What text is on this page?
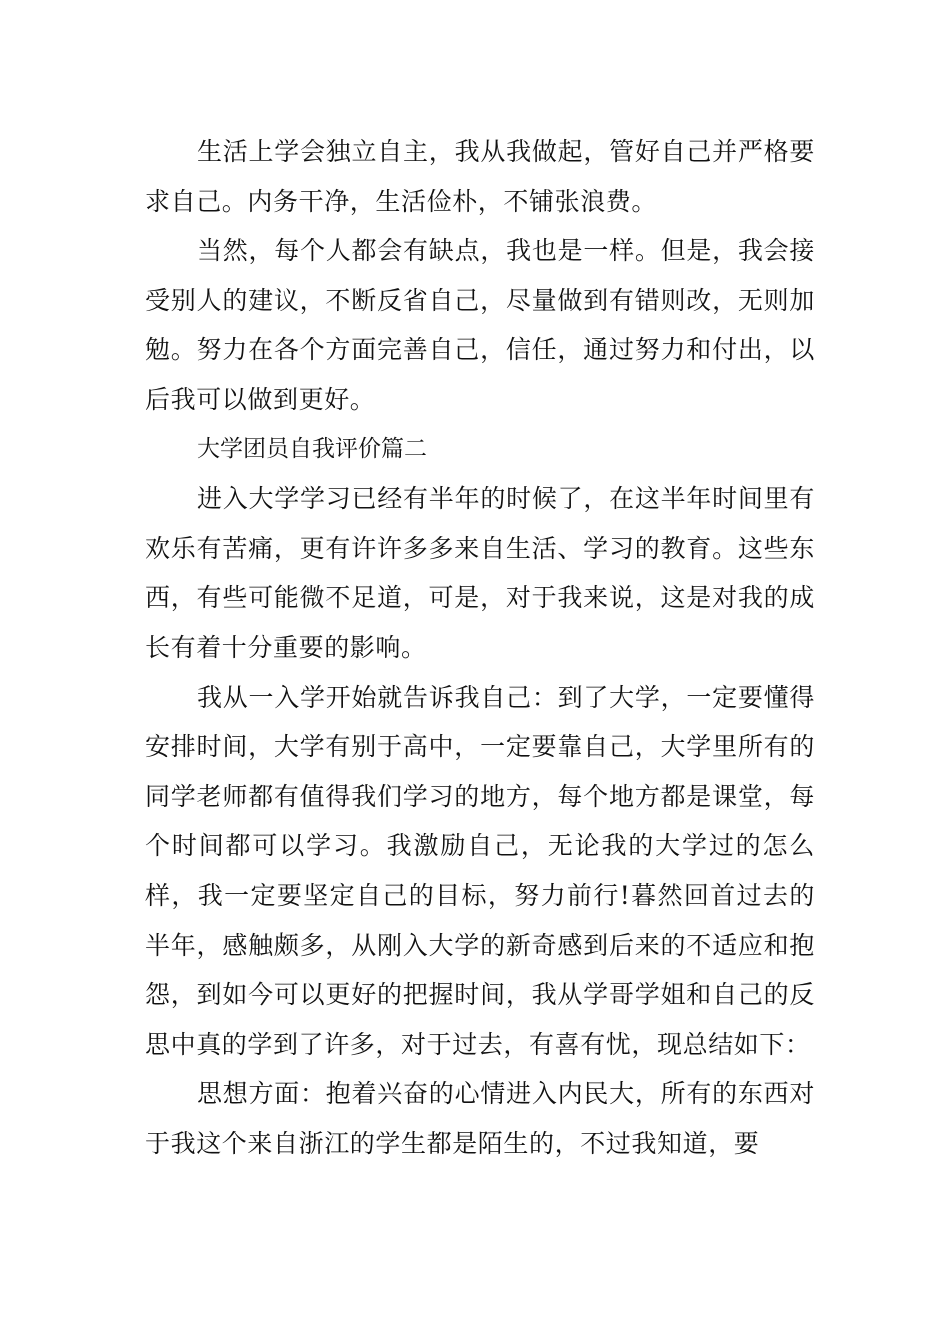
生活上学会独立自主，我从我做起，管好自己并严格要求自己。内务干净，生活俭朴，不铺张浪费。

当然，每个人都会有缺点，我也是一样。但是，我会接受别人的建议，不断反省自己，尽量做到有错则改，无则加勉。努力在各个方面完善自己，信任，通过努力和付出，以后我可以做到更好。

大学团员自我评价篇二

进入大学学习已经有半年的时候了，在这半年时间里有欢乐有苦痛，更有许许多多来自生活、学习的教育。这些东西，有些可能微不足道，可是，对于我来说，这是对我的成长有着十分重要的影响。

我从一入学开始就告诉我自己：到了大学，一定要懂得安排时间，大学有别于高中，一定要靠自己，大学里所有的同学老师都有值得我们学习的地方，每个地方都是课堂，每个时间都可以学习。我激励自己，无论我的大学过的怎么样，我一定要坚定自己的目标，努力前行!暮然回首过去的半年，感触颇多，从刚入大学的新奇感到后来的不适应和抱怨，到如今可以更好的把握时间，我从学哥学姐和自己的反思中真的学到了许多，对于过去，有喜有忧，现总结如下：

思想方面：抱着兴奋的心情进入内民大，所有的东西对于我这个来自浙江的学生都是陌生的，不过我知道，要
